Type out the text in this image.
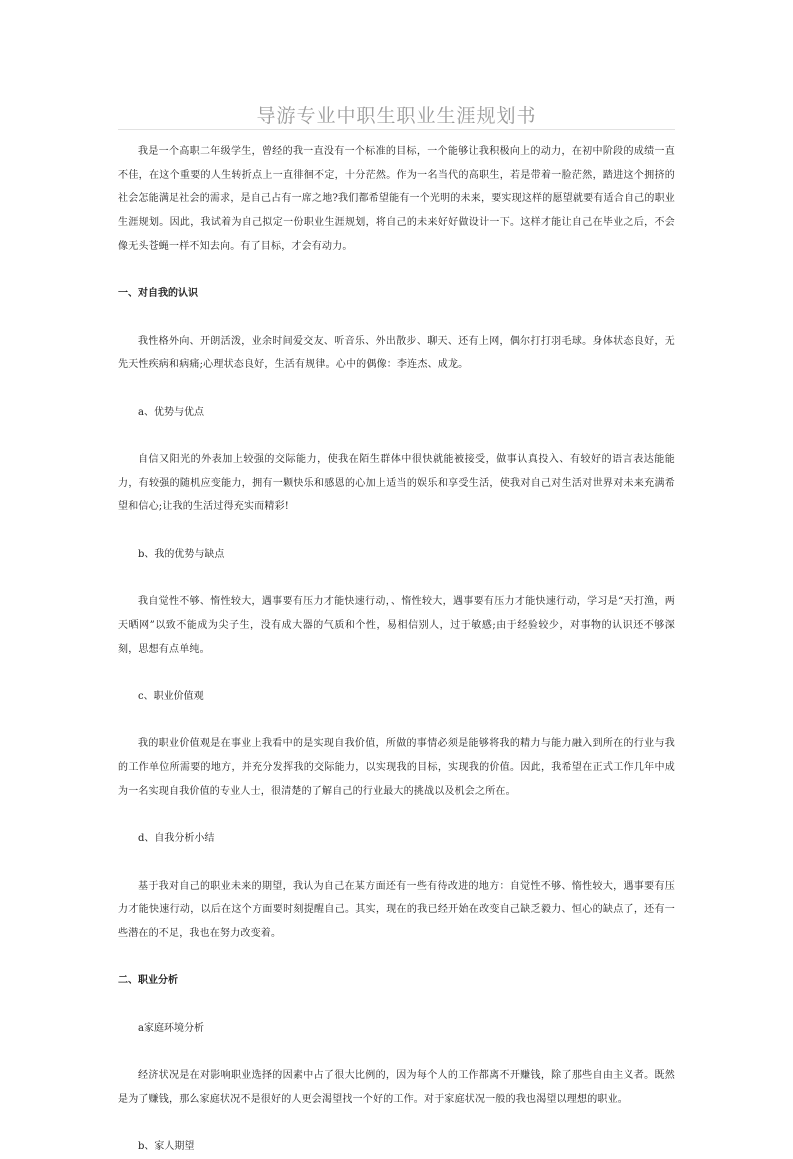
导游专业中职生职业生涯规划书

我是一个高职二年级学生，曾经的我一直没有一个标准的目标，一个能够让我积极向上的动力，在初中阶段的成绩一直不佳，在这个重要的人生转折点上一直徘徊不定，十分茫然。作为一名当代的高职生，若是带着一脸茫然，踏进这个拥挤的社会怎能满足社会的需求，是自己占有一席之地?我们都希望能有一个光明的未来，要实现这样的愿望就要有适合自己的职业生涯规划。因此，我试着为自己拟定一份职业生涯规划，将自己的未来好好做设计一下。这样才能让自己在毕业之后，不会像无头苍蝇一样不知去向。有了目标，才会有动力。

一、对自我的认识

我性格外向、开朗活泼，业余时间爱交友、听音乐、外出散步、聊天、还有上网，偶尔打打羽毛球。身体状态良好，无先天性疾病和病痛;心理状态良好，生活有规律。心中的偶像：李连杰、成龙。

a、优势与优点

自信又阳光的外表加上较强的交际能力，使我在陌生群体中很快就能被接受，做事认真投入、有较好的语言表达能能力，有较强的随机应变能力，拥有一颗快乐和感恩的心加上适当的娱乐和享受生活，使我对自己对生活对世界对未来充满希望和信心;让我的生活过得充实而精彩!

b、我的优势与缺点

我自觉性不够、惰性较大，遇事要有压力才能快速行动，、惰性较大，遇事要有压力才能快速行动，学习是“天打渔，两天晒网”以致不能成为尖子生，没有成大器的气质和个性，易相信别人，过于敏感;由于经验较少，对事物的认识还不够深刻，思想有点单纯。

c、职业价值观

我的职业价值观是在事业上我看中的是实现自我价值，所做的事情必须是能够将我的精力与能力融入到所在的行业与我的工作单位所需要的地方，并充分发挥我的交际能力，以实现我的目标，实现我的价值。因此，我希望在正式工作几年中成为一名实现自我价值的专业人士，很清楚的了解自己的行业最大的挑战以及机会之所在。

d、自我分析小结

基于我对自己的职业未来的期望，我认为自己在某方面还有一些有待改进的地方：自觉性不够、惰性较大，遇事要有压力才能快速行动，以后在这个方面要时刻提醒自己。其实，现在的我已经开始在改变自己缺乏毅力、恒心的缺点了，还有一些潜在的不足，我也在努力改变着。

二、职业分析

a家庭环境分析

经济状况是在对影响职业选择的因素中占了很大比例的，因为每个人的工作都离不开赚钱，除了那些自由主义者。既然是为了赚钱，那么家庭状况不是很好的人更会渴望找一个好的工作。对于家庭状况一般的我也渴望以理想的职业。

b、家人期望
